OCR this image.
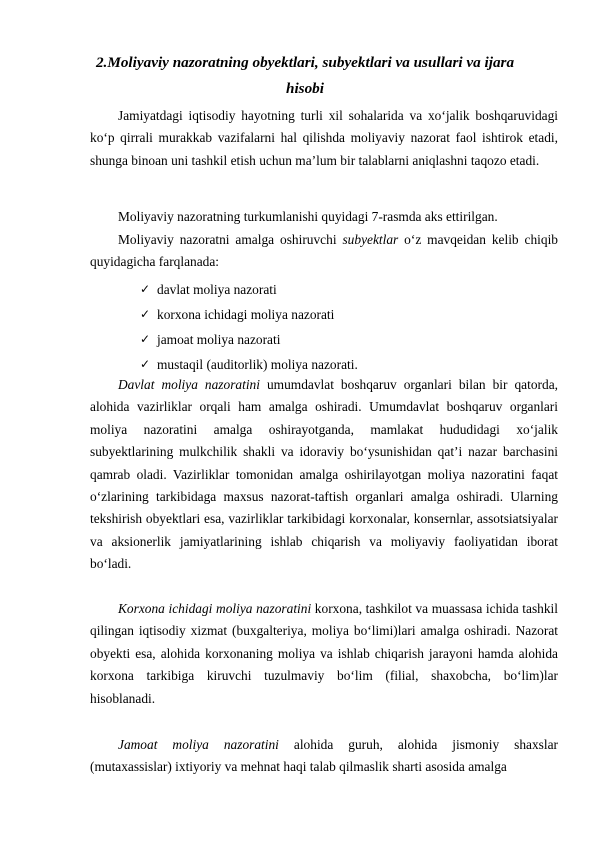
2.Moliyaviy nazoratning obyektlari, subyektlari va usullari va ijara
hisobi

Jamiyatdagi iqtisodiy hayotning turli xil sohalarida va xo‘jalik boshqaruvidagi ko‘p qirrali murakkab vazifalarni hal qilishda moliyaviy nazorat faol ishtirok etadi, shunga binoan uni tashkil etish uchun ma’lum bir talablarni aniqlashni taqozo etadi.

Moliyaviy nazoratning turkumlanishi quyidagi 7-rasmda aks ettirilgan.

Moliyaviy nazoratni amalga oshiruvchi subyektlar o‘z mavqeidan kelib chiqib quyidagicha farqlanada:

✓ davlat moliya nazorati
✓ korxona ichidagi moliya nazorati
✓ jamoat moliya nazorati
✓ mustaqil (auditorlik) moliya nazorati.

Davlat moliya nazoratini umumdavlat boshqaruv organlari bilan bir qatorda, alohida vazirliklar orqali ham amalga oshiradi. Umumdavlat boshqaruv organlari moliya nazoratini amalga oshirayotganda, mamlakat hududidagi xo‘jalik subyektlarining mulkchilik shakli va idoraviy bo‘ysunishidan qat’i nazar barchasini qamrab oladi. Vazirliklar tomonidan amalga oshirilayotgan moliya nazoratini faqat o‘zlarining tarkibidaga maxsus nazorat-taftish organlari amalga oshiradi. Ularning tekshirish obyektlari esa, vazirliklar tarkibidagi korxonalar, konsernlar, assotsiatsiyalar va aksionerlik jamiyatlarining ishlab chiqarish va moliyaviy faoliyatidan iborat bo‘ladi.

Korxona ichidagi moliya nazoratini korxona, tashkilot va muassasa ichida tashkil qilingan iqtisodiy xizmat (buxgalteriya, moliya bo‘limi)lari amalga oshiradi. Nazorat obyekti esa, alohida korxonaning moliya va ishlab chiqarish jarayoni hamda alohida korxona tarkibiga kiruvchi tuzulmaviy bo‘lim (filial, shaxobcha, bo‘lim)lar hisoblanadi.

Jamoat moliya nazoratini alohida guruh, alohida jismoniy shaxslar (mutaxassislar) ixtiyoriy va mehnat haqi talab qilmaslik sharti asosida amalga
